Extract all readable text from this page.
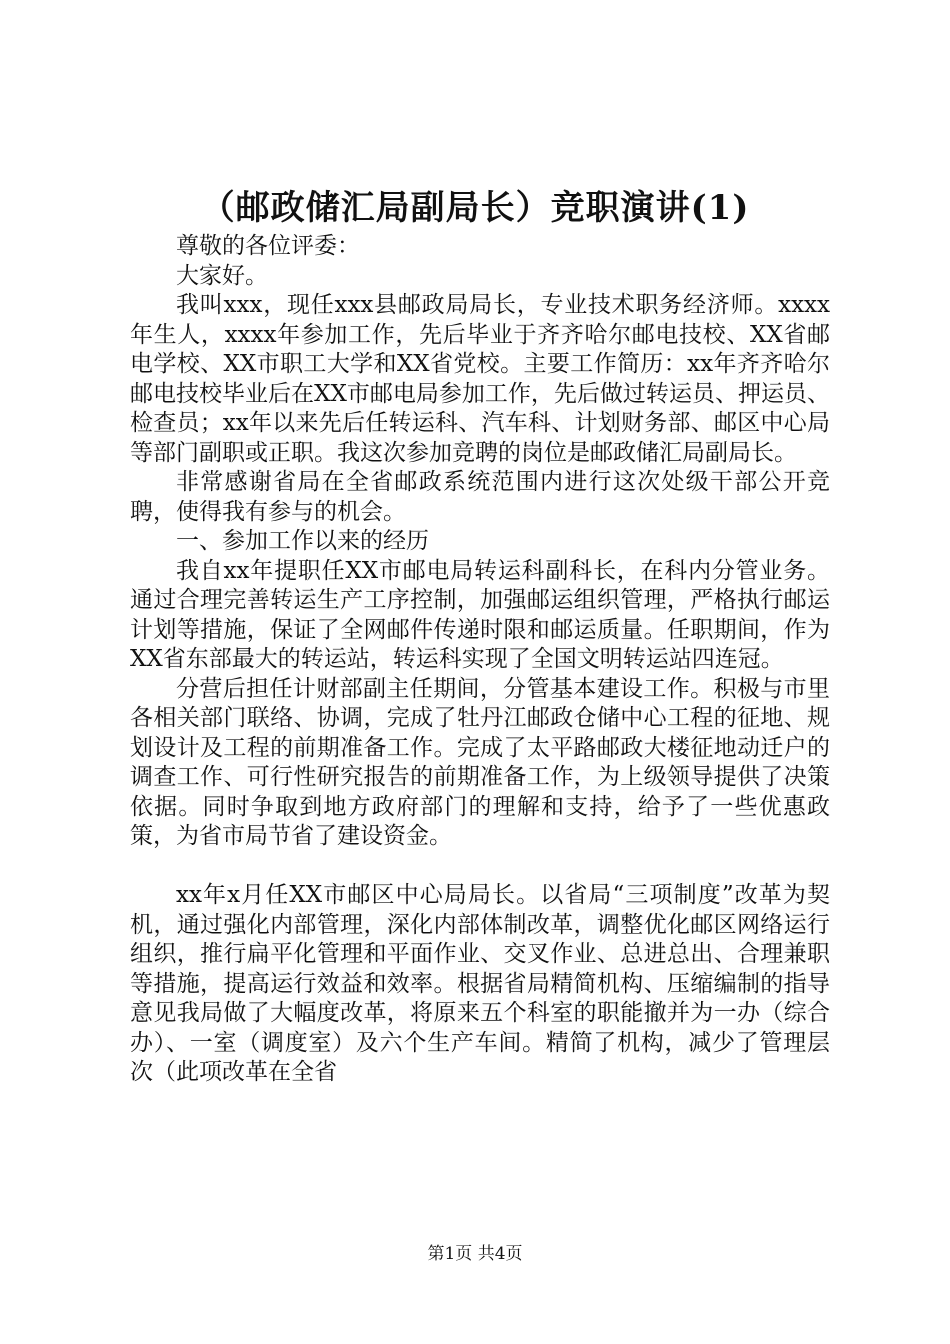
（邮政储汇局副局长）竞职演讲(1)

尊敬的各位评委：

大家好。

我叫xxx，现任xxx县邮政局局长，专业技术职务经济师。xxxx年生人，xxxx年参加工作，先后毕业于齐齐哈尔邮电技校、XX省邮电学校、XX市职工大学和XX省党校。主要工作简历：xx年齐齐哈尔邮电技校毕业后在XX市邮电局参加工作，先后做过转运员、押运员、检查员；xx年以来先后任转运科、汽车科、计划财务部、邮区中心局等部门副职或正职。我这次参加竞聘的岗位是邮政储汇局副局长。

非常感谢省局在全省邮政系统范围内进行这次处级干部公开竞聘，使得我有参与的机会。

一、参加工作以来的经历

我自xx年提职任XX市邮电局转运科副科长，在科内分管业务。通过合理完善转运生产工序控制，加强邮运组织管理，严格执行邮运计划等措施，保证了全网邮件传递时限和邮运质量。任职期间，作为XX省东部最大的转运站，转运科实现了全国文明转运站四连冠。

分营后担任计财部副主任期间，分管基本建设工作。积极与市里各相关部门联络、协调，完成了牡丹江邮政仓储中心工程的征地、规划设计及工程的前期准备工作。完成了太平路邮政大楼征地动迁户的调查工作、可行性研究报告的前期准备工作，为上级领导提供了决策依据。同时争取到地方政府部门的理解和支持，给予了一些优惠政策，为省市局节省了建设资金。

xx年x月任XX市邮区中心局局长。以省局“三项制度”改革为契机，通过强化内部管理，深化内部体制改革，调整优化邮区网络运行组织，推行扁平化管理和平面作业、交叉作业、总进总出、合理兼职等措施，提高运行效益和效率。根据省局精简机构、压缩编制的指导意见我局做了大幅度改革，将原来五个科室的职能撤并为一办（综合办）、一室（调度室）及六个生产车间。精简了机构，减少了管理层次（此项改革在全省

第1页 共4页
